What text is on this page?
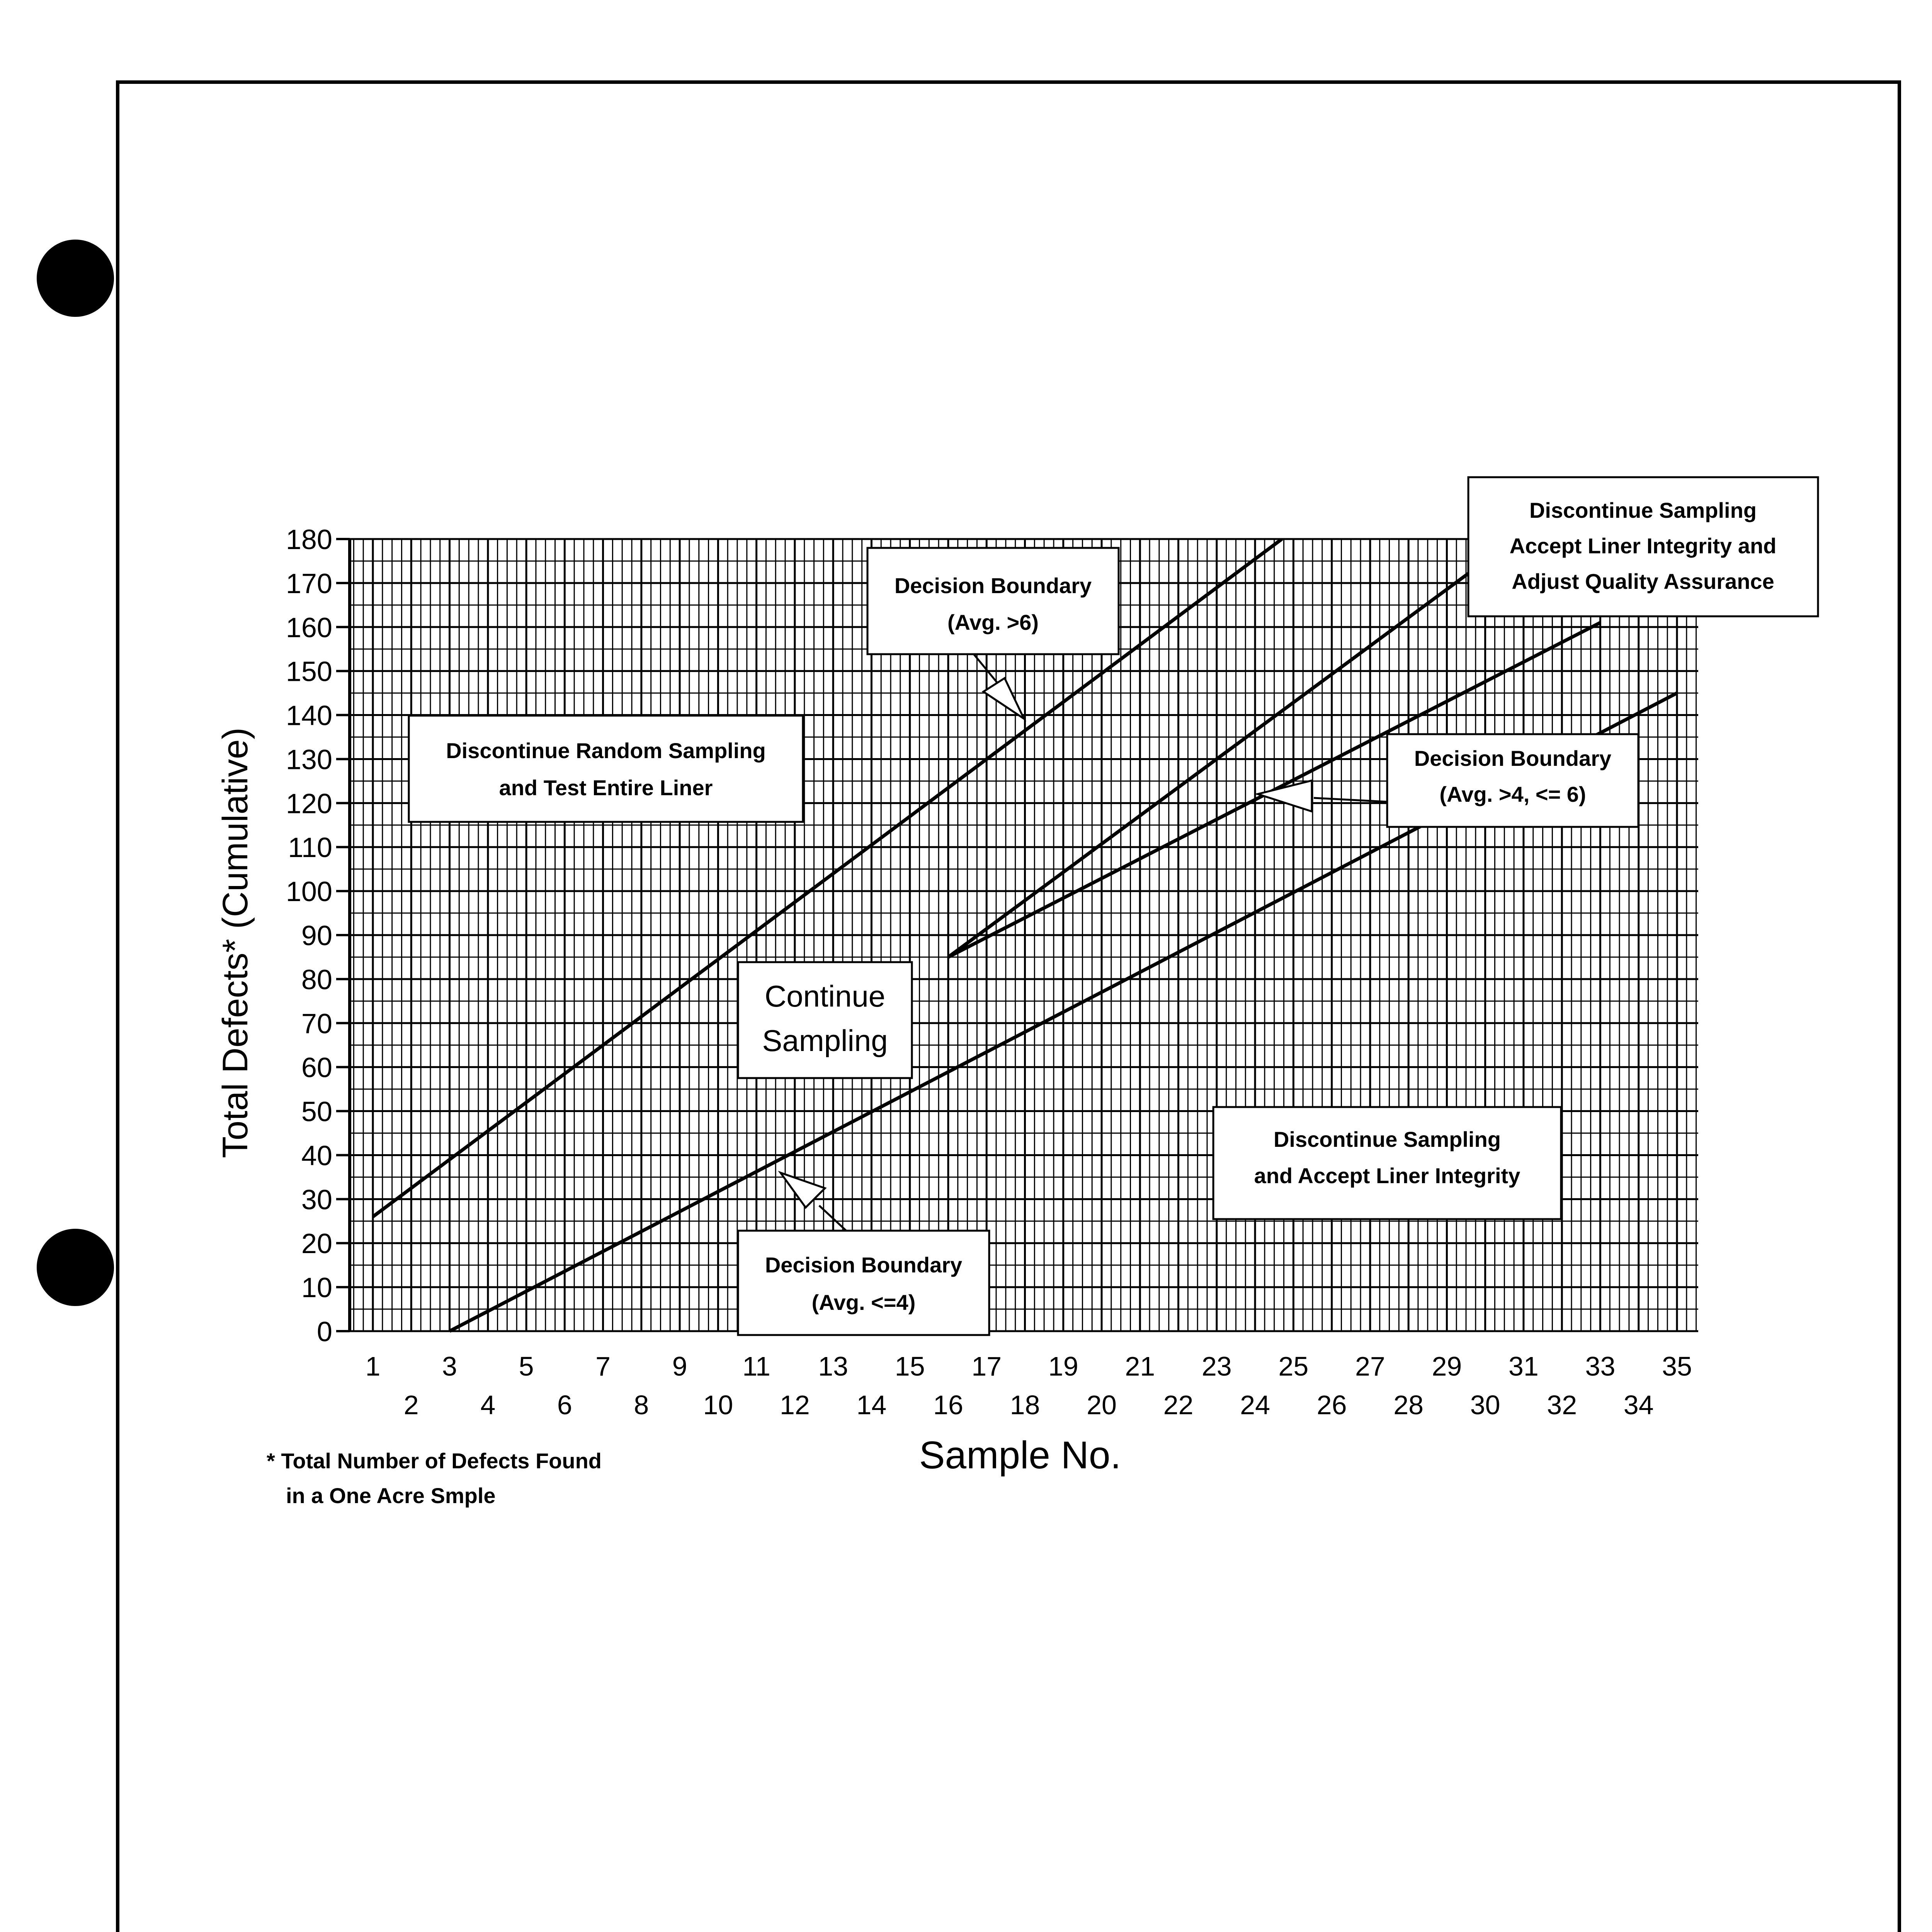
0
10
20
30
40
50
60
70
80
90
100
110
120
130
140
150
160
170
180
1 3 5 7 9 11 13 15 17 19 21 23 25 27 29 31 33 35
2 4 6 8 10 12 14 16 18 20 22 24 26 28 30 32 34
Total Defects* (Cumulative)
Sample No.
* Total Number of Defects Found
in a One Acre Smple
Decision Boundary
(Avg. >6)
Discontinue Random Sampling
and Test Entire Liner
Discontinue Sampling
Accept Liner Integrity and
Adjust Quality Assurance
Decision Boundary
(Avg. >4, <= 6)
Continue
Sampling
Discontinue Sampling
and Accept Liner Integrity
Decision Boundary
(Avg. <=4)
